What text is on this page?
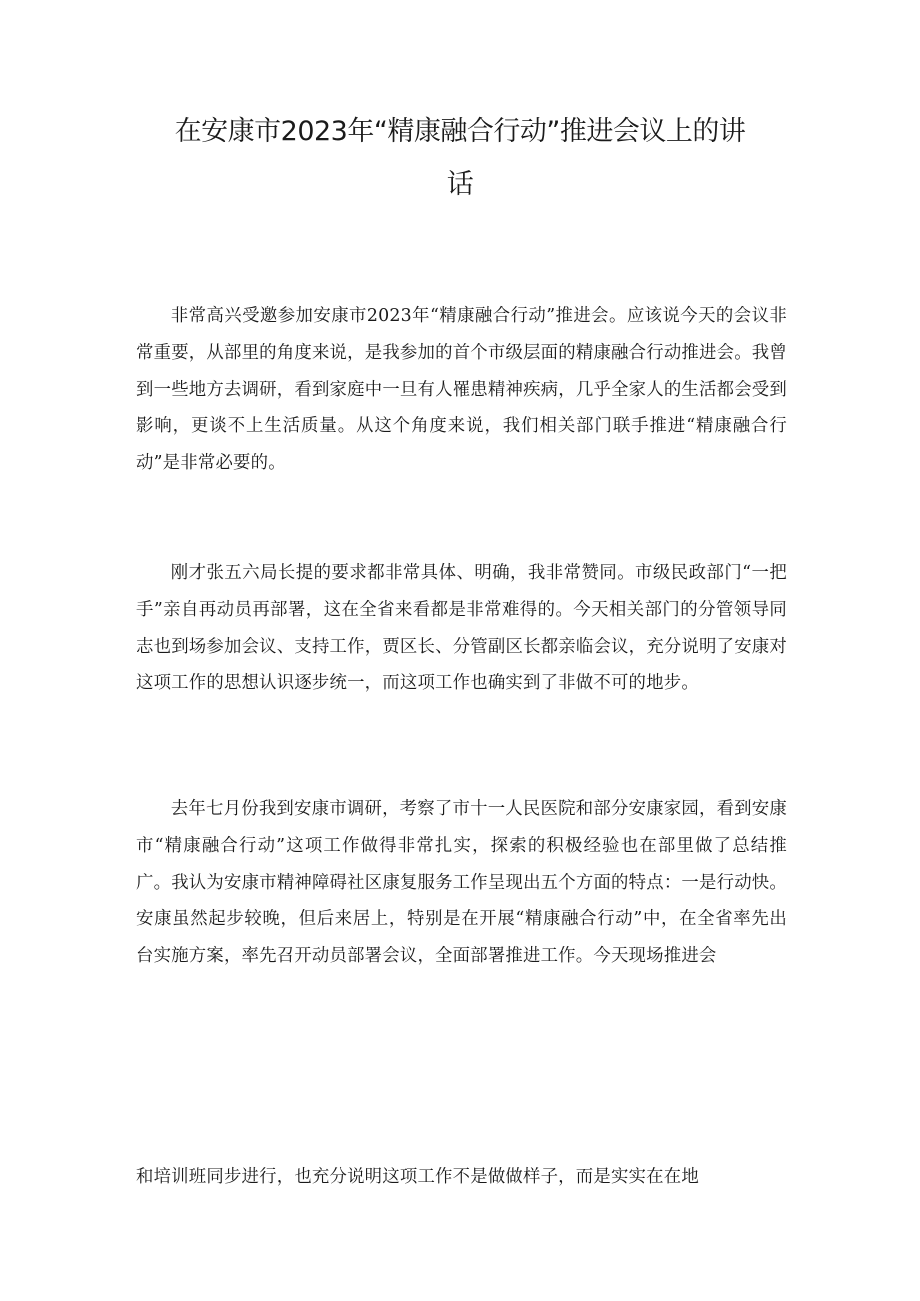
在安康市2023年“精康融合行动”推进会议上的讲
话

非常高兴受邀参加安康市2023年“精康融合行动”推进会。应该说今天的会议非常重要，从部里的角度来说，是我参加的首个市级层面的精康融合行动推进会。我曾到一些地方去调研，看到家庭中一旦有人罹患精神疾病，几乎全家人的生活都会受到影响，更谈不上生活质量。从这个角度来说，我们相关部门联手推进“精康融合行动”是非常必要的。

刚才张五六局长提的要求都非常具体、明确，我非常赞同。市级民政部门“一把手”亲自再动员再部署，这在全省来看都是非常难得的。今天相关部门的分管领导同志也到场参加会议、支持工作，贾区长、分管副区长都亲临会议，充分说明了安康对这项工作的思想认识逐步统一，而这项工作也确实到了非做不可的地步。

去年七月份我到安康市调研，考察了市十一人民医院和部分安康家园，看到安康市“精康融合行动”这项工作做得非常扎实，探索的积极经验也在部里做了总结推广。我认为安康市精神障碍社区康复服务工作呈现出五个方面的特点：一是行动快。安康虽然起步较晚，但后来居上，特别是在开展“精康融合行动”中，在全省率先出台实施方案，率先召开动员部署会议，全面部署推进工作。今天现场推进会

和培训班同步进行，也充分说明这项工作不是做做样子，而是实实在在地
